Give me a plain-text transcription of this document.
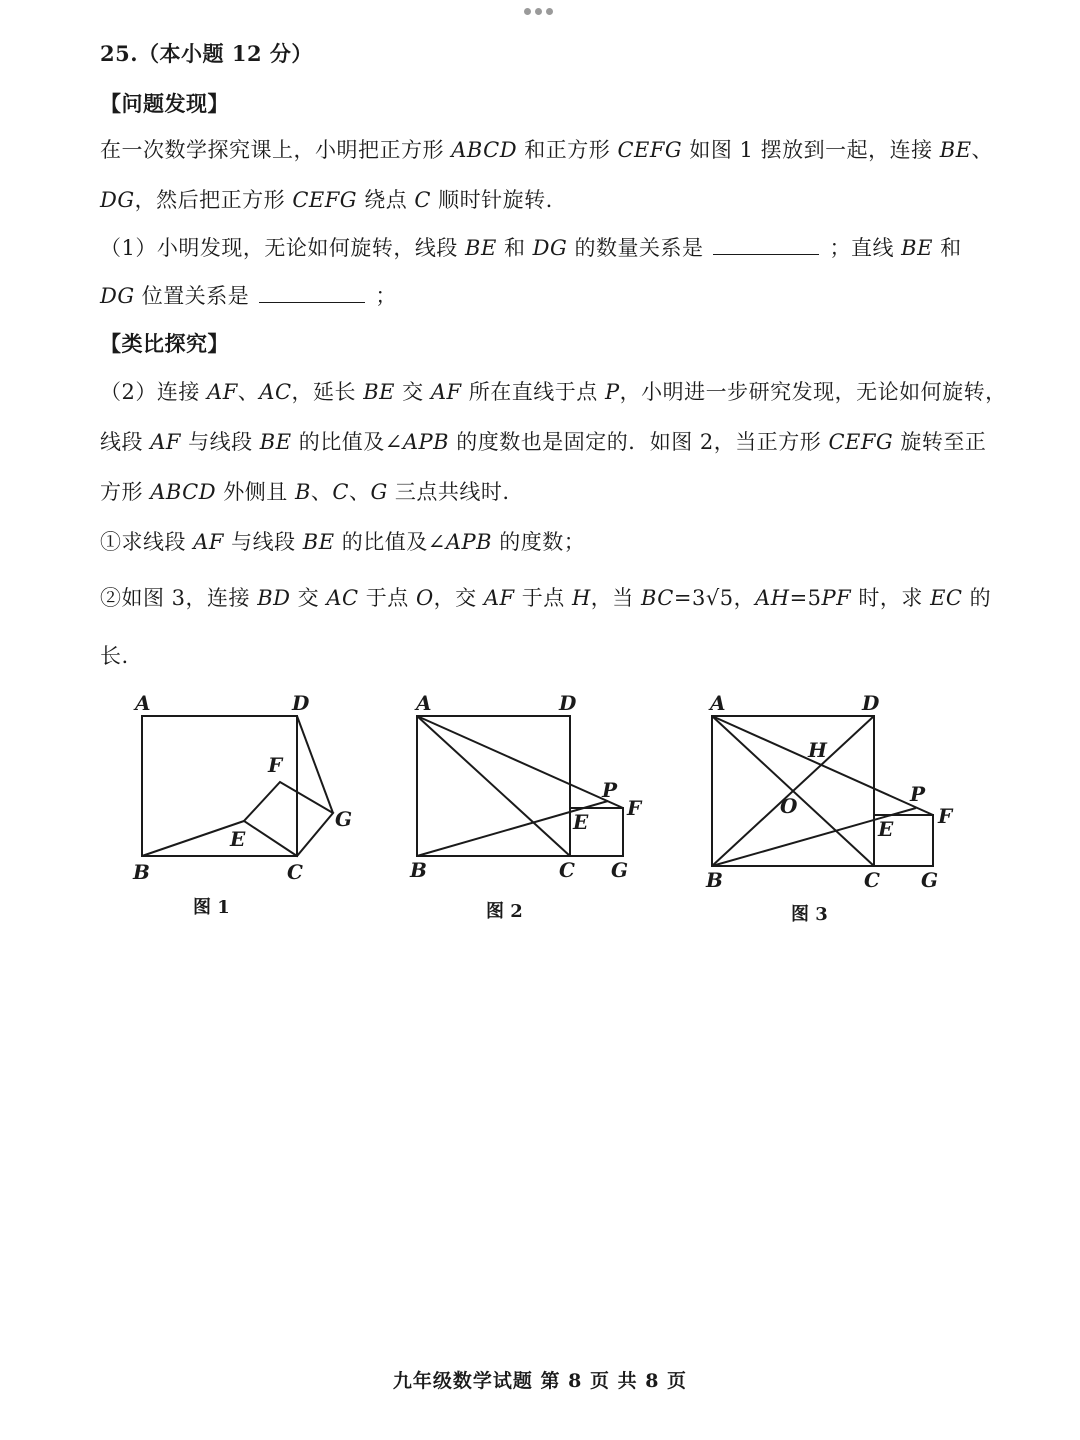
25.（本小题 12 分）
【问题发现】
在一次数学探究课上，小明把正方形 ABCD 和正方形 CEFG 如图 1 摆放到一起，连接 BE、
DG，然后把正方形 CEFG 绕点 C 顺时针旋转.
（1）小明发现，无论如何旋转，线段 BE 和 DG 的数量关系是	；直线 BE 和
DG 位置关系是	；
【类比探究】
（2）连接 AF、AC，延长 BE 交 AF 所在直线于点 P，小明进一步研究发现，无论如何旋转，
线段 AF 与线段 BE 的比值及∠APB 的度数也是固定的．如图 2，当正方形 CEFG 旋转至正
方形 ABCD 外侧且 B、C、G 三点共线时.
①求线段 AF 与线段 BE 的比值及∠APB 的度数；
②如图 3，连接 BD 交 AC 于点 O，交 AF 于点 H，当 BC=3√5，AH=5PF 时，求 EC 的
长.
A	D
F
G
E
B	C
A	D
P
F
E
B	C G
A	D
H
O	P
F
E
B	C G
图 1	图 2	图 3
九年级数学试题 第 8 页 共 8 页
